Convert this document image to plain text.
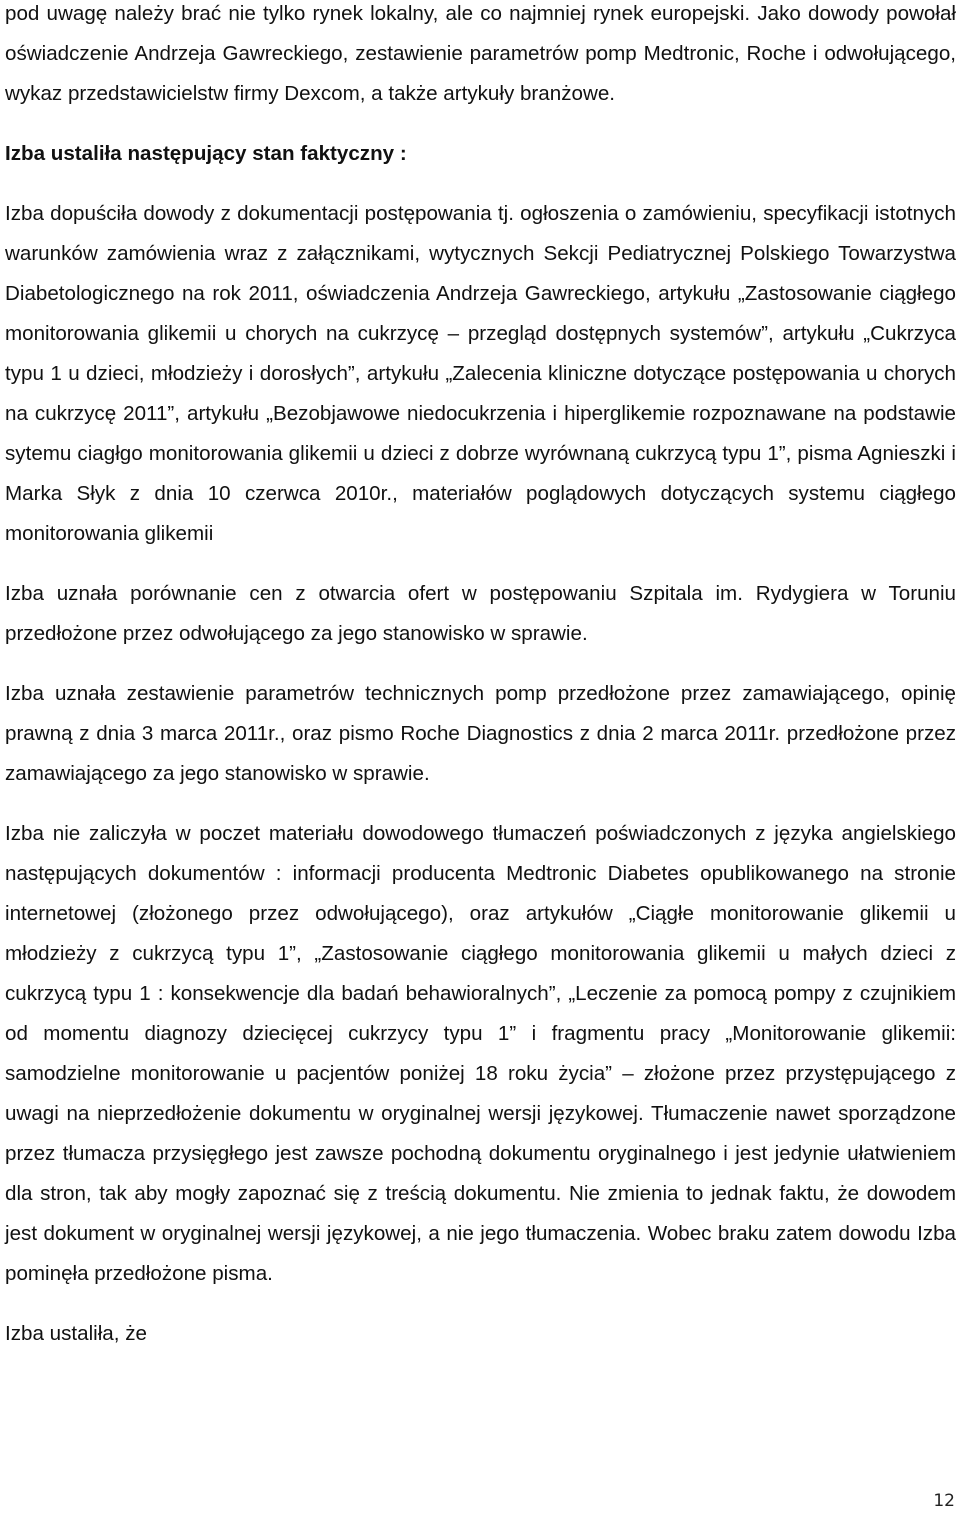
pod uwagę należy brać nie tylko rynek lokalny, ale co najmniej rynek europejski. Jako dowody powołał oświadczenie Andrzeja Gawreckiego, zestawienie parametrów pomp Medtronic, Roche i odwołującego, wykaz przedstawicielstw firmy Dexcom, a także artykuły branżowe.

Izba ustaliła następujący stan faktyczny :

Izba dopuściła dowody z dokumentacji postępowania tj. ogłoszenia o zamówieniu, specyfikacji istotnych warunków zamówienia wraz z załącznikami, wytycznych Sekcji Pediatrycznej Polskiego Towarzystwa Diabetologicznego na rok 2011, oświadczenia Andrzeja Gawreckiego, artykułu „Zastosowanie ciągłego monitorowania glikemii u chorych na cukrzycę – przegląd dostępnych systemów”, artykułu „Cukrzyca typu 1 u dzieci, młodzieży i dorosłych”, artykułu „Zalecenia kliniczne dotyczące postępowania u chorych na cukrzycę 2011”, artykułu „Bezobjawowe niedocukrzenia i hiperglikemie rozpoznawane na podstawie sytemu ciagłgo monitorowania glikemii u dzieci z dobrze wyrównaną cukrzycą typu 1”, pisma Agnieszki i Marka Słyk z dnia 10 czerwca 2010r., materiałów poglądowych dotyczących systemu ciągłego monitorowania glikemii

Izba uznała porównanie cen z otwarcia ofert w postępowaniu Szpitala im. Rydygiera w Toruniu przedłożone przez odwołującego za jego stanowisko w sprawie.

Izba uznała zestawienie parametrów technicznych pomp przedłożone przez zamawiającego, opinię prawną z dnia 3 marca 2011r., oraz pismo Roche Diagnostics z dnia 2 marca 2011r. przedłożone przez zamawiającego za jego stanowisko w sprawie.

Izba nie zaliczyła w poczet materiału dowodowego tłumaczeń poświadczonych z języka angielskiego następujących dokumentów : informacji producenta Medtronic Diabetes opublikowanego na stronie internetowej (złożonego przez odwołującego), oraz artykułów „Ciągłe monitorowanie glikemii u młodzieży z cukrzycą typu 1”, „Zastosowanie ciągłego monitorowania glikemii u małych dzieci z cukrzycą typu 1 : konsekwencje dla badań behawioralnych”, „Leczenie za pomocą pompy z czujnikiem od momentu diagnozy dziecięcej cukrzycy typu 1” i fragmentu pracy „Monitorowanie glikemii: samodzielne monitorowanie u pacjentów poniżej 18 roku życia” – złożone przez przystępującego z uwagi na nieprzedłożenie dokumentu w oryginalnej wersji językowej. Tłumaczenie nawet sporządzone przez tłumacza przysięgłego jest zawsze pochodną dokumentu oryginalnego i jest jedynie ułatwieniem dla stron, tak aby mogły zapoznać się z treścią dokumentu. Nie zmienia to jednak faktu, że dowodem jest dokument w oryginalnej wersji językowej, a nie jego tłumaczenia. Wobec braku zatem dowodu Izba pominęła przedłożone pisma.

Izba ustaliła, że

12
